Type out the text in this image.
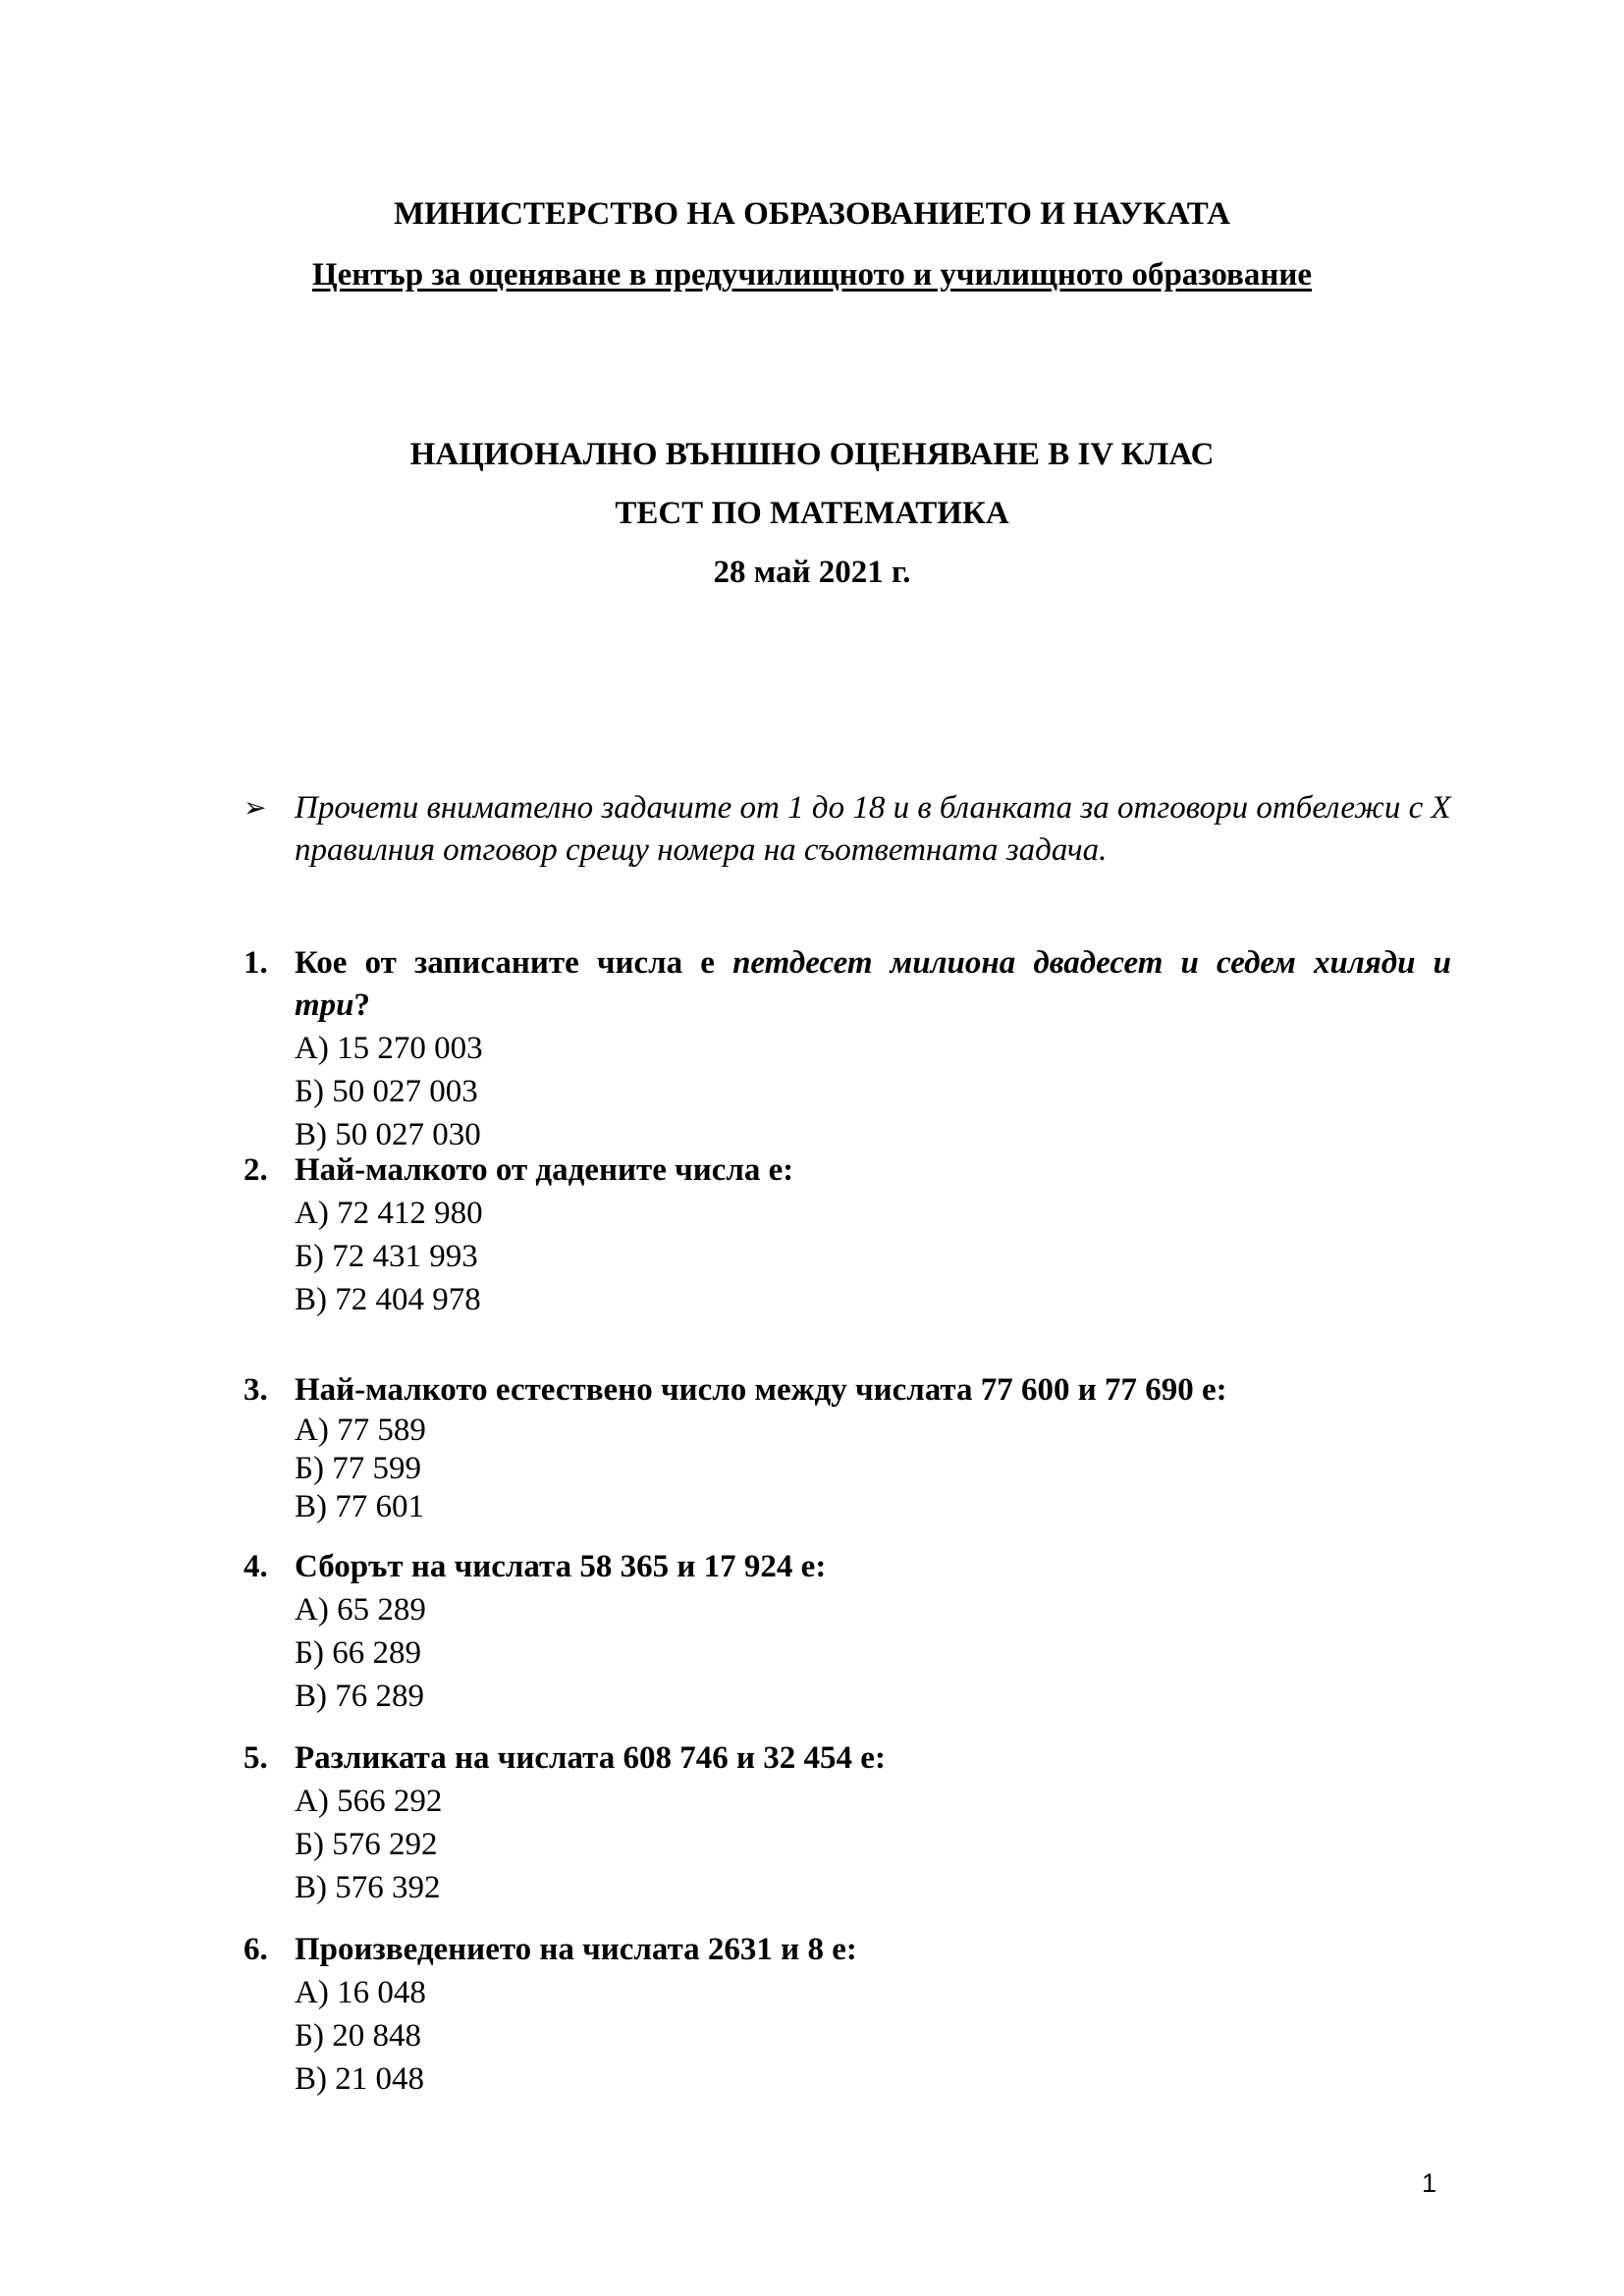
МИНИСТЕРСТВО НА ОБРАЗОВАНИЕТО И НАУКАТА
Център за оценяване в предучилищното и училищното образование
НАЦИОНАЛНО ВЪНШНО ОЦЕНЯВАНЕ В IV КЛАС
ТЕСТ ПО МАТЕМАТИКА
28 май 2021 г.
➢ Прочети внимателно задачите от 1 до 18 и в бланката за отговори отбележи с Х правилния отговор срещу номера на съответната задача.
1. Кое от записаните числа е петдесет милиона двадесет и седем хиляди и три?
А) 15 270 003
Б) 50 027 003
В) 50 027 030
2. Най-малкото от дадените числа е:
А) 72 412 980
Б) 72 431 993
В) 72 404 978
3. Най-малкото естествено число между числата 77 600 и 77 690 е:
А) 77 589
Б) 77 599
В) 77 601
4. Сборът на числата 58 365 и 17 924 е:
А) 65 289
Б) 66 289
В) 76 289
5. Разликата на числата 608 746 и 32 454 е:
А) 566 292
Б) 576 292
В) 576 392
6. Произведението на числата 2631 и 8 е:
А) 16 048
Б) 20 848
В) 21 048
1
